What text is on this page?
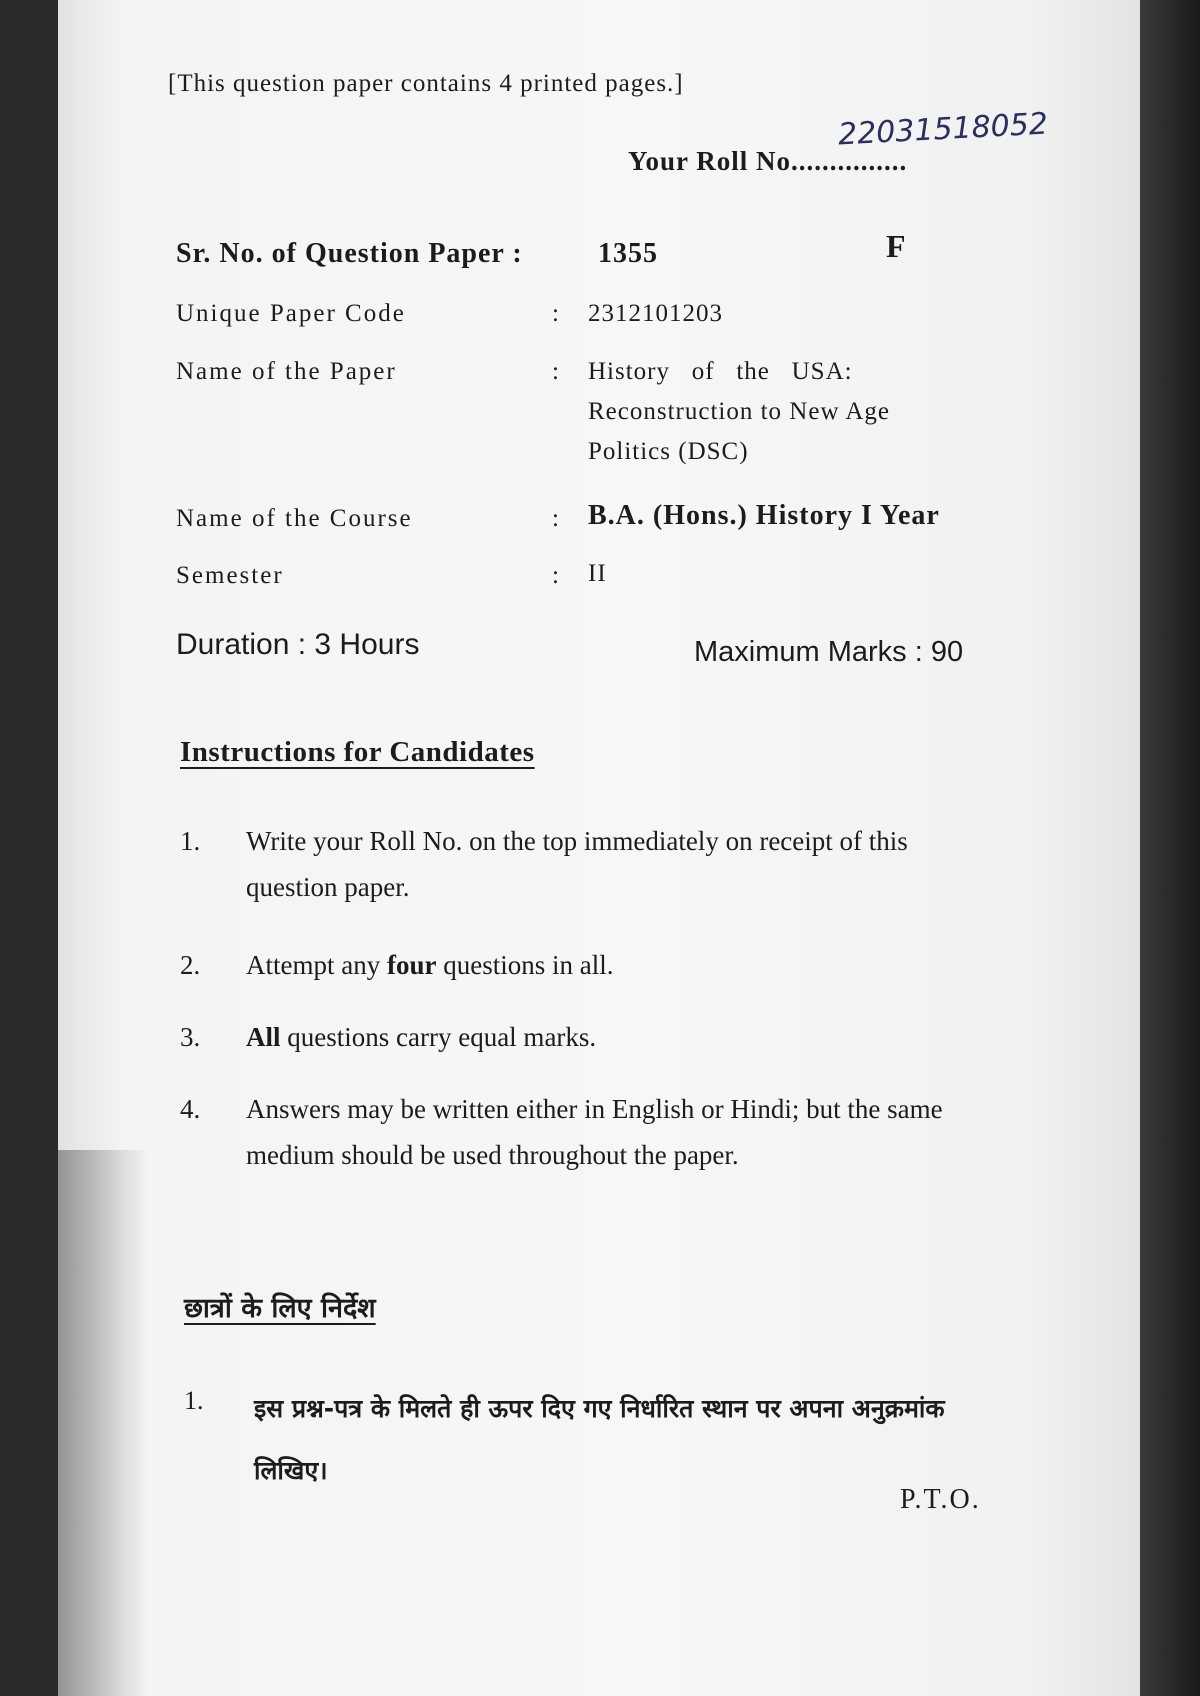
[This question paper contains 4 printed pages.]
22031518052
Your Roll No...............
Sr. No. of Question Paper :	1355	F
Unique Paper Code	: 2312101203
Name of the Paper	: History   of   the   USA:
Reconstruction to New Age
Politics (DSC)
Name of the Course	: B.A. (Hons.) History I Year
Semester	: II
Duration : 3 Hours	Maximum Marks : 90
Instructions for Candidates
1. Write your Roll No. on the top immediately on receipt of this question paper.
2. Attempt any four questions in all.
3. All questions carry equal marks.
4. Answers may be written either in English or Hindi; but the same medium should be used throughout the paper.
छात्रों के लिए निर्देश
1. इस प्रश्न-पत्र के मिलते ही ऊपर दिए गए निर्धारित स्थान पर अपना अनुक्रमांक लिखिए।
P.T.O.
